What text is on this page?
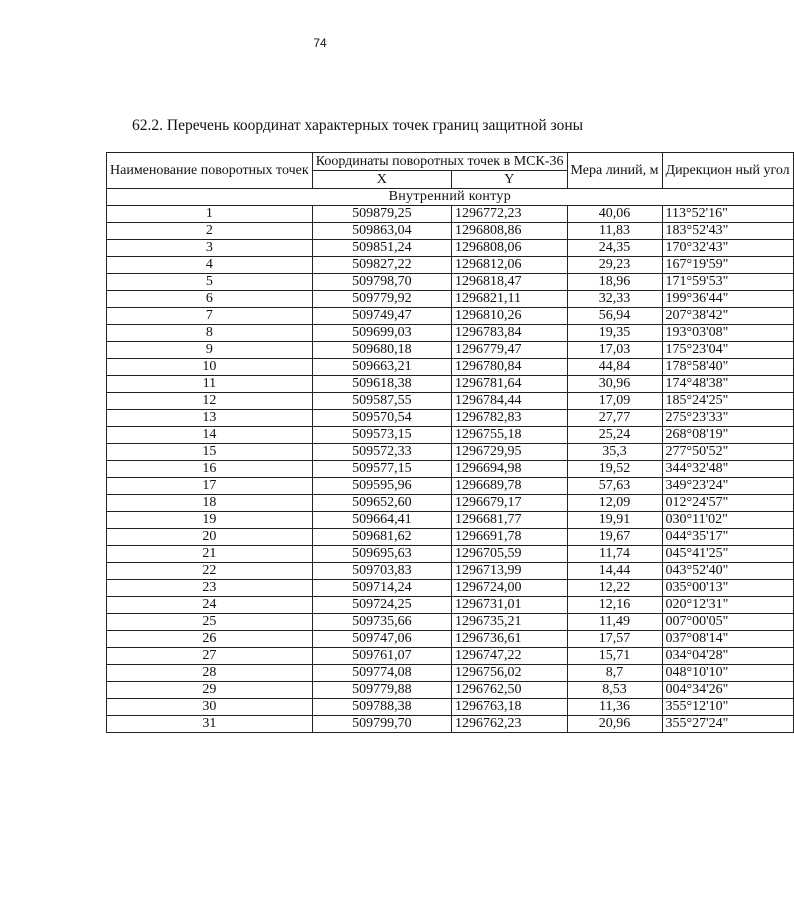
74
62.2. Перечень координат характерных точек границ защитной зоны
Наименование поворотных точек	Координаты поворотных точек в МСК-36		Мера линий, м	Дирекцион ный угол
	X	Y		
Внутренний контур				
1	509879,25	1296772,23	40,06	113°52'16"
2	509863,04	1296808,86	11,83	183°52'43"
3	509851,24	1296808,06	24,35	170°32'43"
4	509827,22	1296812,06	29,23	167°19'59"
5	509798,70	1296818,47	18,96	171°59'53"
6	509779,92	1296821,11	32,33	199°36'44"
7	509749,47	1296810,26	56,94	207°38'42"
8	509699,03	1296783,84	19,35	193°03'08"
9	509680,18	1296779,47	17,03	175°23'04"
10	509663,21	1296780,84	44,84	178°58'40"
11	509618,38	1296781,64	30,96	174°48'38"
12	509587,55	1296784,44	17,09	185°24'25"
13	509570,54	1296782,83	27,77	275°23'33"
14	509573,15	1296755,18	25,24	268°08'19"
15	509572,33	1296729,95	35,3	277°50'52"
16	509577,15	1296694,98	19,52	344°32'48"
17	509595,96	1296689,78	57,63	349°23'24"
18	509652,60	1296679,17	12,09	012°24'57"
19	509664,41	1296681,77	19,91	030°11'02"
20	509681,62	1296691,78	19,67	044°35'17"
21	509695,63	1296705,59	11,74	045°41'25"
22	509703,83	1296713,99	14,44	043°52'40"
23	509714,24	1296724,00	12,22	035°00'13"
24	509724,25	1296731,01	12,16	020°12'31"
25	509735,66	1296735,21	11,49	007°00'05"
26	509747,06	1296736,61	17,57	037°08'14"
27	509761,07	1296747,22	15,71	034°04'28"
28	509774,08	1296756,02	8,7	048°10'10"
29	509779,88	1296762,50	8,53	004°34'26"
30	509788,38	1296763,18	11,36	355°12'10"
31	509799,70	1296762,23	20,96	355°27'24"
